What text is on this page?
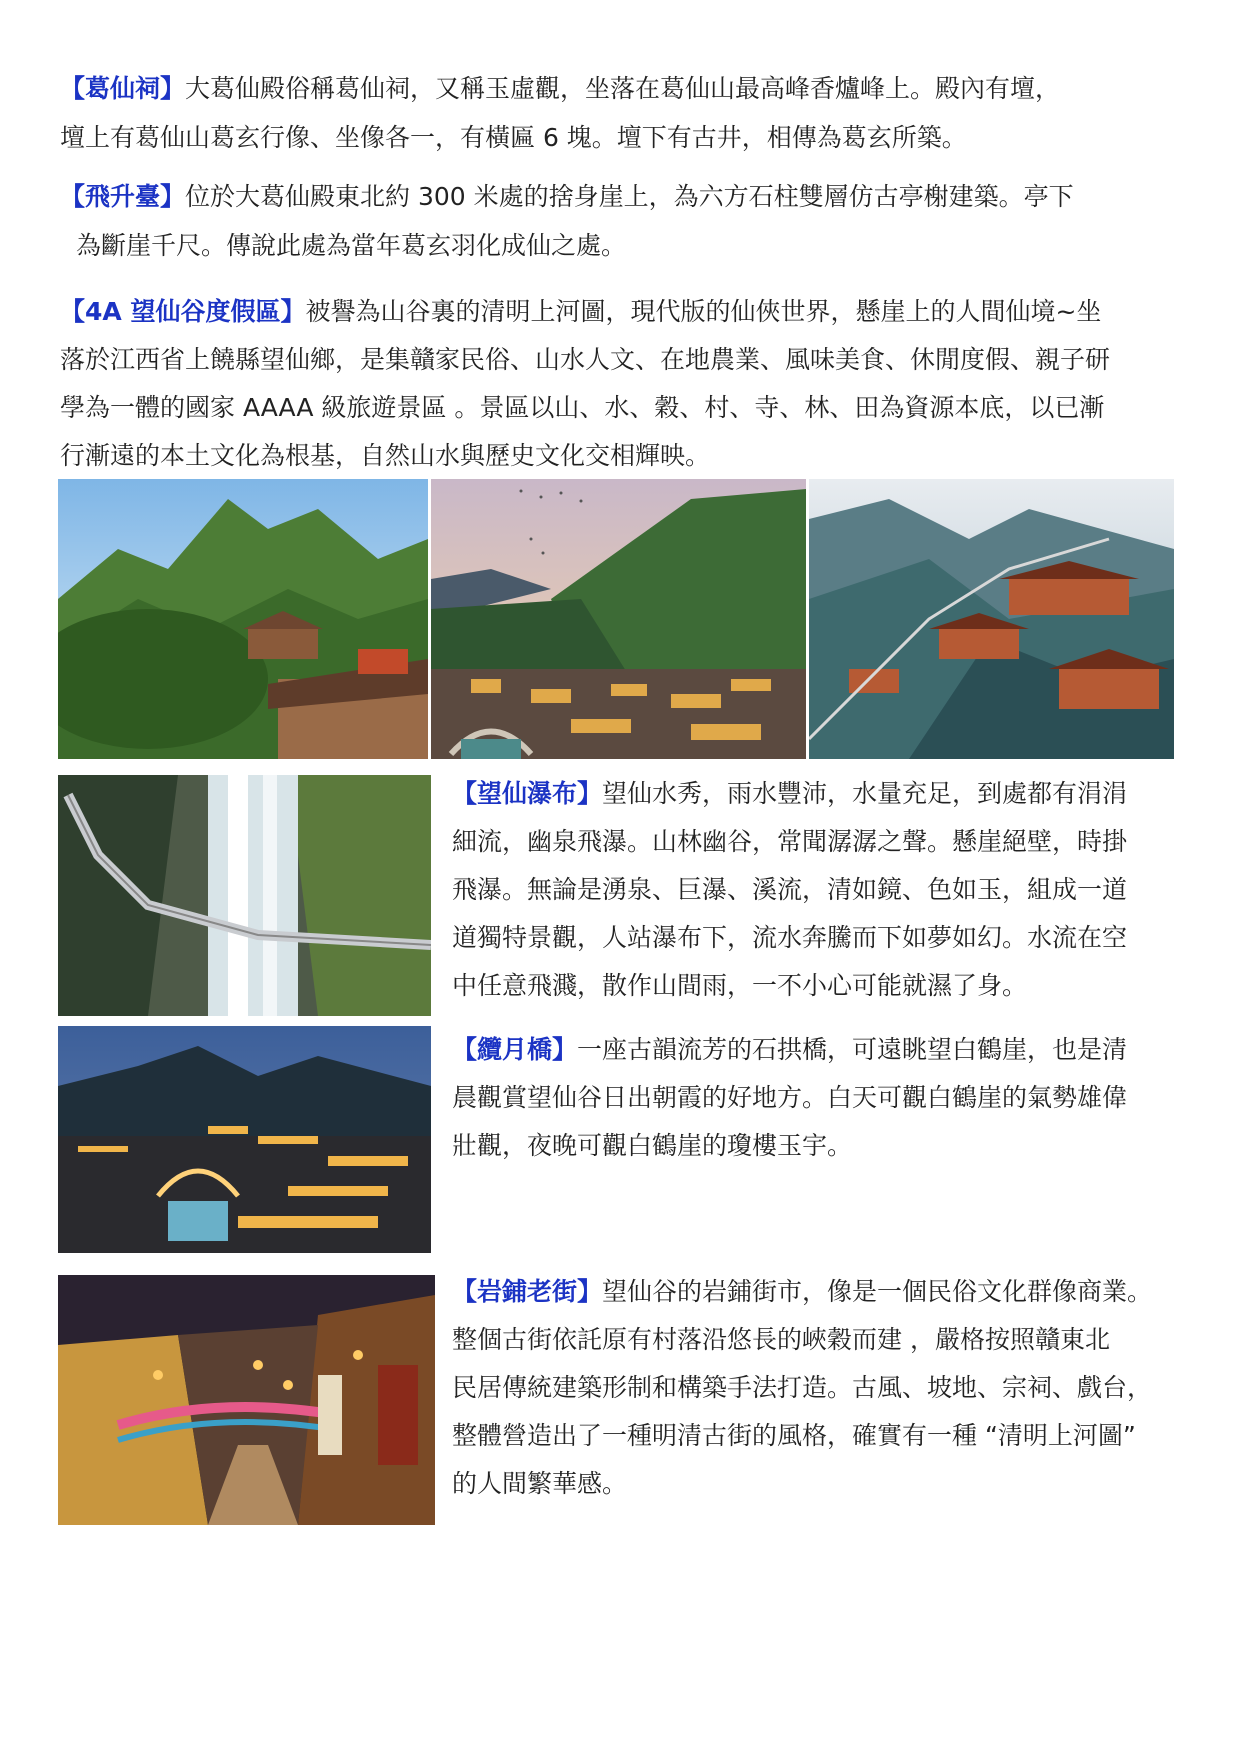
【葛仙祠】大葛仙殿俗稱葛仙祠，又稱玉虛觀，坐落在葛仙山最高峰香爐峰上。殿內有壇，
壇上有葛仙山葛玄行像、坐像各一，有橫匾 6 塊。壇下有古井，相傳為葛玄所築。

【飛升臺】位於大葛仙殿東北約 300 米處的捨身崖上，為六方石柱雙層仿古亭榭建築。亭下
為斷崖千尺。傳說此處為當年葛玄羽化成仙之處。

【4A 望仙谷度假區】被譽為山谷裏的清明上河圖，現代版的仙俠世界，懸崖上的人間仙境~坐
落於江西省上饒縣望仙鄉，是集贛家民俗、山水人文、在地農業、風味美食、休閒度假、親子研
學為一體的國家 AAAA 級旅遊景區 。景區以山、水、穀、村、寺、林、田為資源本底，以已漸
行漸遠的本土文化為根基，自然山水與歷史文化交相輝映。

【望仙瀑布】望仙水秀，雨水豐沛，水量充足，到處都有涓涓
細流，幽泉飛瀑。山林幽谷，常聞潺潺之聲。懸崖絕壁，時掛
飛瀑。無論是湧泉、巨瀑、溪流，清如鏡、色如玉，組成一道
道獨特景觀，人站瀑布下，流水奔騰而下如夢如幻。水流在空
中任意飛濺，散作山間雨，一不小心可能就濕了身。

【纜月橋】一座古韻流芳的石拱橋，可遠眺望白鶴崖，也是清
晨觀賞望仙谷日出朝霞的好地方。白天可觀白鶴崖的氣勢雄偉
壯觀，夜晚可觀白鶴崖的瓊樓玉宇。

【岩鋪老街】望仙谷的岩鋪街市，像是一個民俗文化群像商業。
整個古街依託原有村落沿悠長的峽穀而建 ，嚴格按照贛東北
民居傳統建築形制和構築手法打造。古風、坡地、宗祠、戲台，
整體營造出了一種明清古街的風格，確實有一種 “清明上河圖”
的人間繁華感。
